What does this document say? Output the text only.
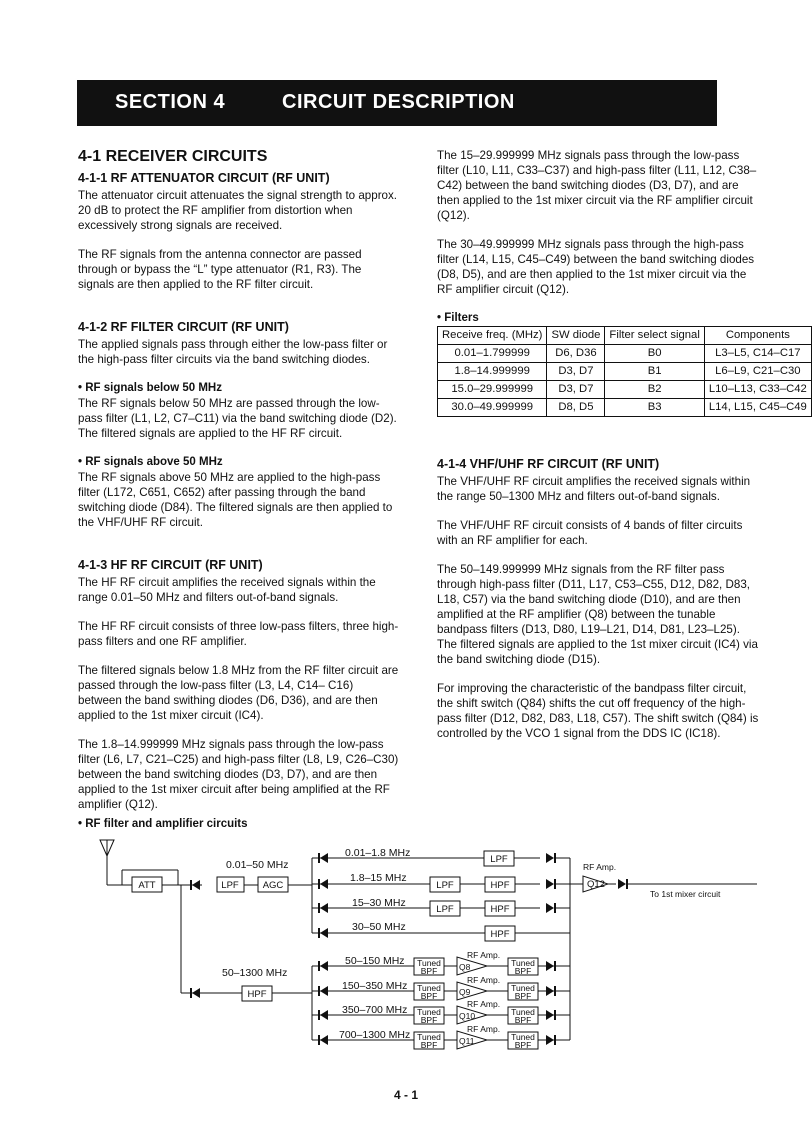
SECTION 4	CIRCUIT DESCRIPTION
4-1 RECEIVER CIRCUITS
4-1-1 RF ATTENUATOR CIRCUIT (RF UNIT)

The attenuator circuit attenuates the signal strength to approx. 20 dB to protect the RF amplifier from distortion when excessively strong signals are received.

The RF signals from the antenna connector are passed through or bypass the “L” type attenuator (R1, R3). The signals are then applied to the RF filter circuit.

4-1-2 RF FILTER CIRCUIT (RF UNIT)

The applied signals pass through either the low-pass filter or the high-pass filter circuits via the band switching diodes.

• RF signals below 50 MHz

The RF signals below 50 MHz are passed through the low-pass filter (L1, L2, C7–C11) via the band switching diode (D2). The filtered signals are applied to the HF RF circuit.

• RF signals above 50 MHz

The RF signals above 50 MHz are applied to the high-pass filter (L172, C651, C652) after passing through the band switching diode (D84). The filtered signals are then applied to the VHF/UHF RF circuit.

4-1-3 HF RF CIRCUIT (RF UNIT)

The HF RF circuit amplifies the received signals within the range 0.01–50 MHz and filters out-of-band signals.

The HF RF circuit consists of three low-pass filters, three high-pass filters and one RF amplifier.

The filtered signals below 1.8 MHz from the RF filter circuit are passed through the low-pass filter (L3, L4, C14– C16) between the band swithing diodes (D6, D36), and are then applied to the 1st mixer circuit (IC4).

The 1.8–14.999999 MHz signals pass through the low-pass filter (L6, L7, C21–C25) and high-pass filter (L8, L9, C26–C30) between the band switching diodes (D3, D7), and are then applied to the 1st mixer circuit after being amplified at the RF amplifier (Q12).

The 15–29.999999 MHz signals pass through the low-pass filter (L10, L11, C33–C37) and high-pass filter (L11, L12, C38–C42) between the band switching diodes (D3, D7), and are then applied to the 1st mixer circuit via the RF amplifier circuit (Q12).

The 30–49.999999 MHz signals pass through the high-pass filter (L14, L15, C45–C49) between the band switching diodes (D8, D5), and are then applied to the 1st mixer circuit via the RF amplifier circuit (Q12).

• Filters
Receive freq. (MHz)	SW diode	Filter select signal	Components
0.01–1.799999	D6, D36	B0	L3–L5, C14–C17
1.8–14.999999	D3, D7	B1	L6–L9, C21–C30
15.0–29.999999	D3, D7	B2	L10–L13, C33–C42
30.0–49.999999	D8, D5	B3	L14, L15, C45–C49
4-1-4 VHF/UHF RF CIRCUIT (RF UNIT)

The VHF/UHF RF circuit amplifies the received signals within the range 50–1300 MHz and filters out-of-band signals.

The VHF/UHF RF circuit consists of 4 bands of filter circuits with an RF amplifier for each.

The 50–149.999999 MHz signals from the RF filter pass through high-pass filter (D11, L17, C53–C55, D12, D82, D83, L18, C57) via the band switching diode (D10), and are then amplified at the RF amplifier (Q8) between the tunable bandpass filters (D13, D80, L19–L21, D14, D81, L23–L25). The filtered signals are applied to the 1st mixer circuit (IC4) via the band switching diode (D15).

For improving the characteristic of the bandpass filter circuit, the shift switch (Q84) shifts the cut off frequency of the high-pass filter (D12, D82, D83, L18, C57). The shift switch (Q84) is controlled by the VCO 1 signal from the DDS IC (IC18).

• RF filter and amplifier circuits
ATT	LPF	AGC
LPF
LPF	HPF
LPF	HPF
HPF
HPF
Q12
0.01–50 MHz
50–1300 MHz
0.01–1.8 MHz
1.8–15 MHz
15–30 MHz
30–50 MHz
50–150 MHz
150–350 MHz
350–700 MHz
700–1300 MHz
RF Amp.
To 1st mixer circuit
Tuned
BPF
Tuned
BPF
RF Amp.
Q8
Tuned
BPF
Tuned
BPF
RF Amp.
Q9
Tuned
BPF
Tuned
BPF
RF Amp.
Q10
Tuned
BPF
Tuned
BPF
RF Amp.
Q11
4 - 1
